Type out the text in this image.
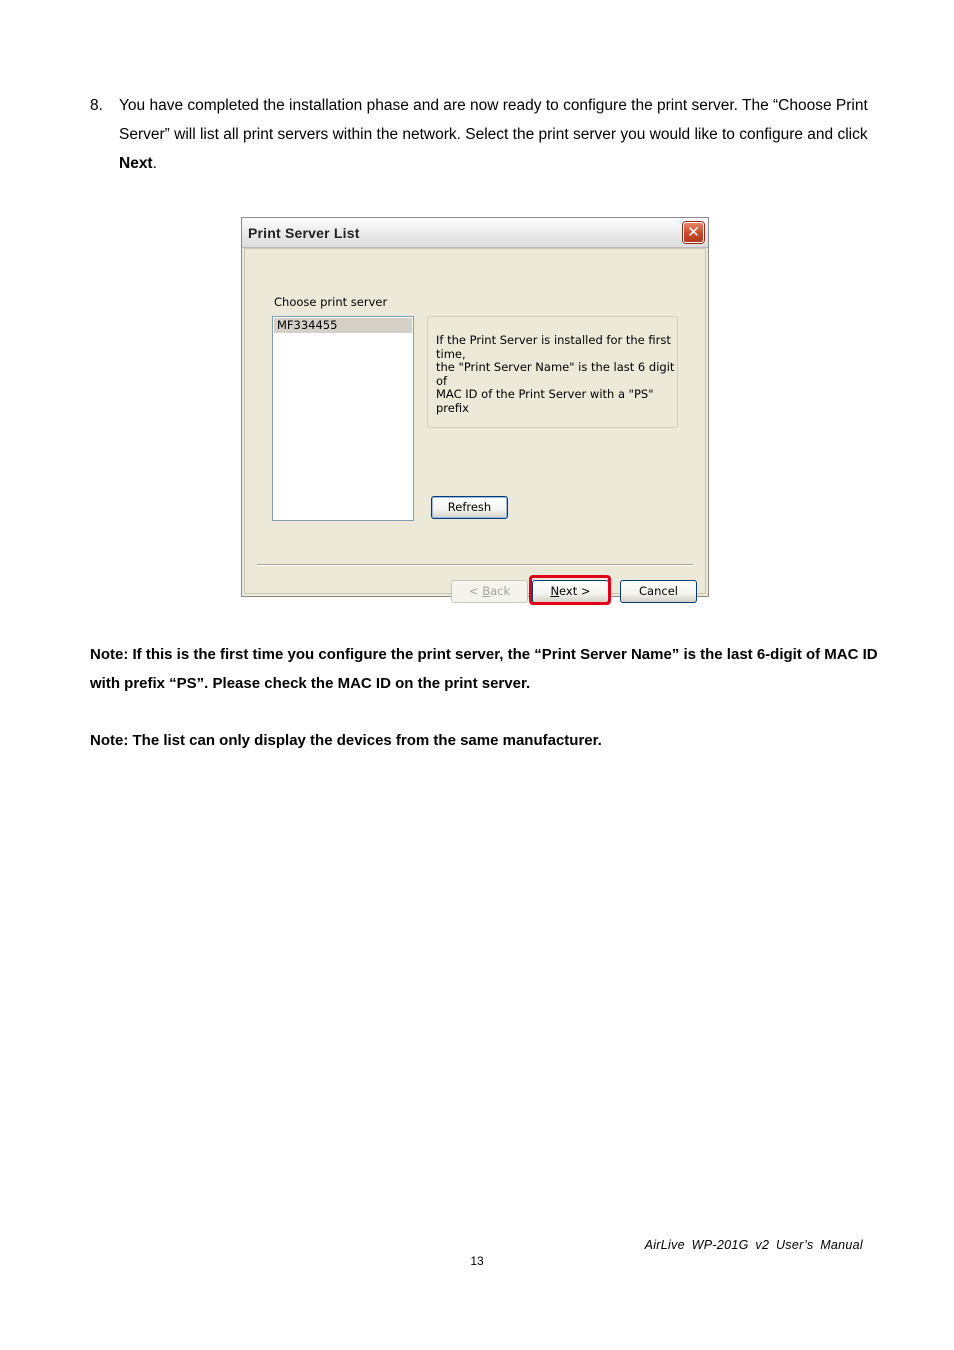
8. You have completed the installation phase and are now ready to configure the print server. The “Choose Print Server” will list all print servers within the network. Select the print server you would like to configure and click Next.
Print Server List	✕
Choose print server
MF334455
If the Print Server is installed for the first time,
the "Print Server Name" is the last 6 digit of
MAC ID of the Print Server with a "PS" prefix
Refresh
< Back	Next >	Cancel
Note: If this is the first time you configure the print server, the “Print Server Name” is the last 6-digit of MAC ID with prefix “PS”. Please check the MAC ID on the print server.
Note: The list can only display the devices from the same manufacturer.
AirLive WP-201G v2 User’s Manual
13
